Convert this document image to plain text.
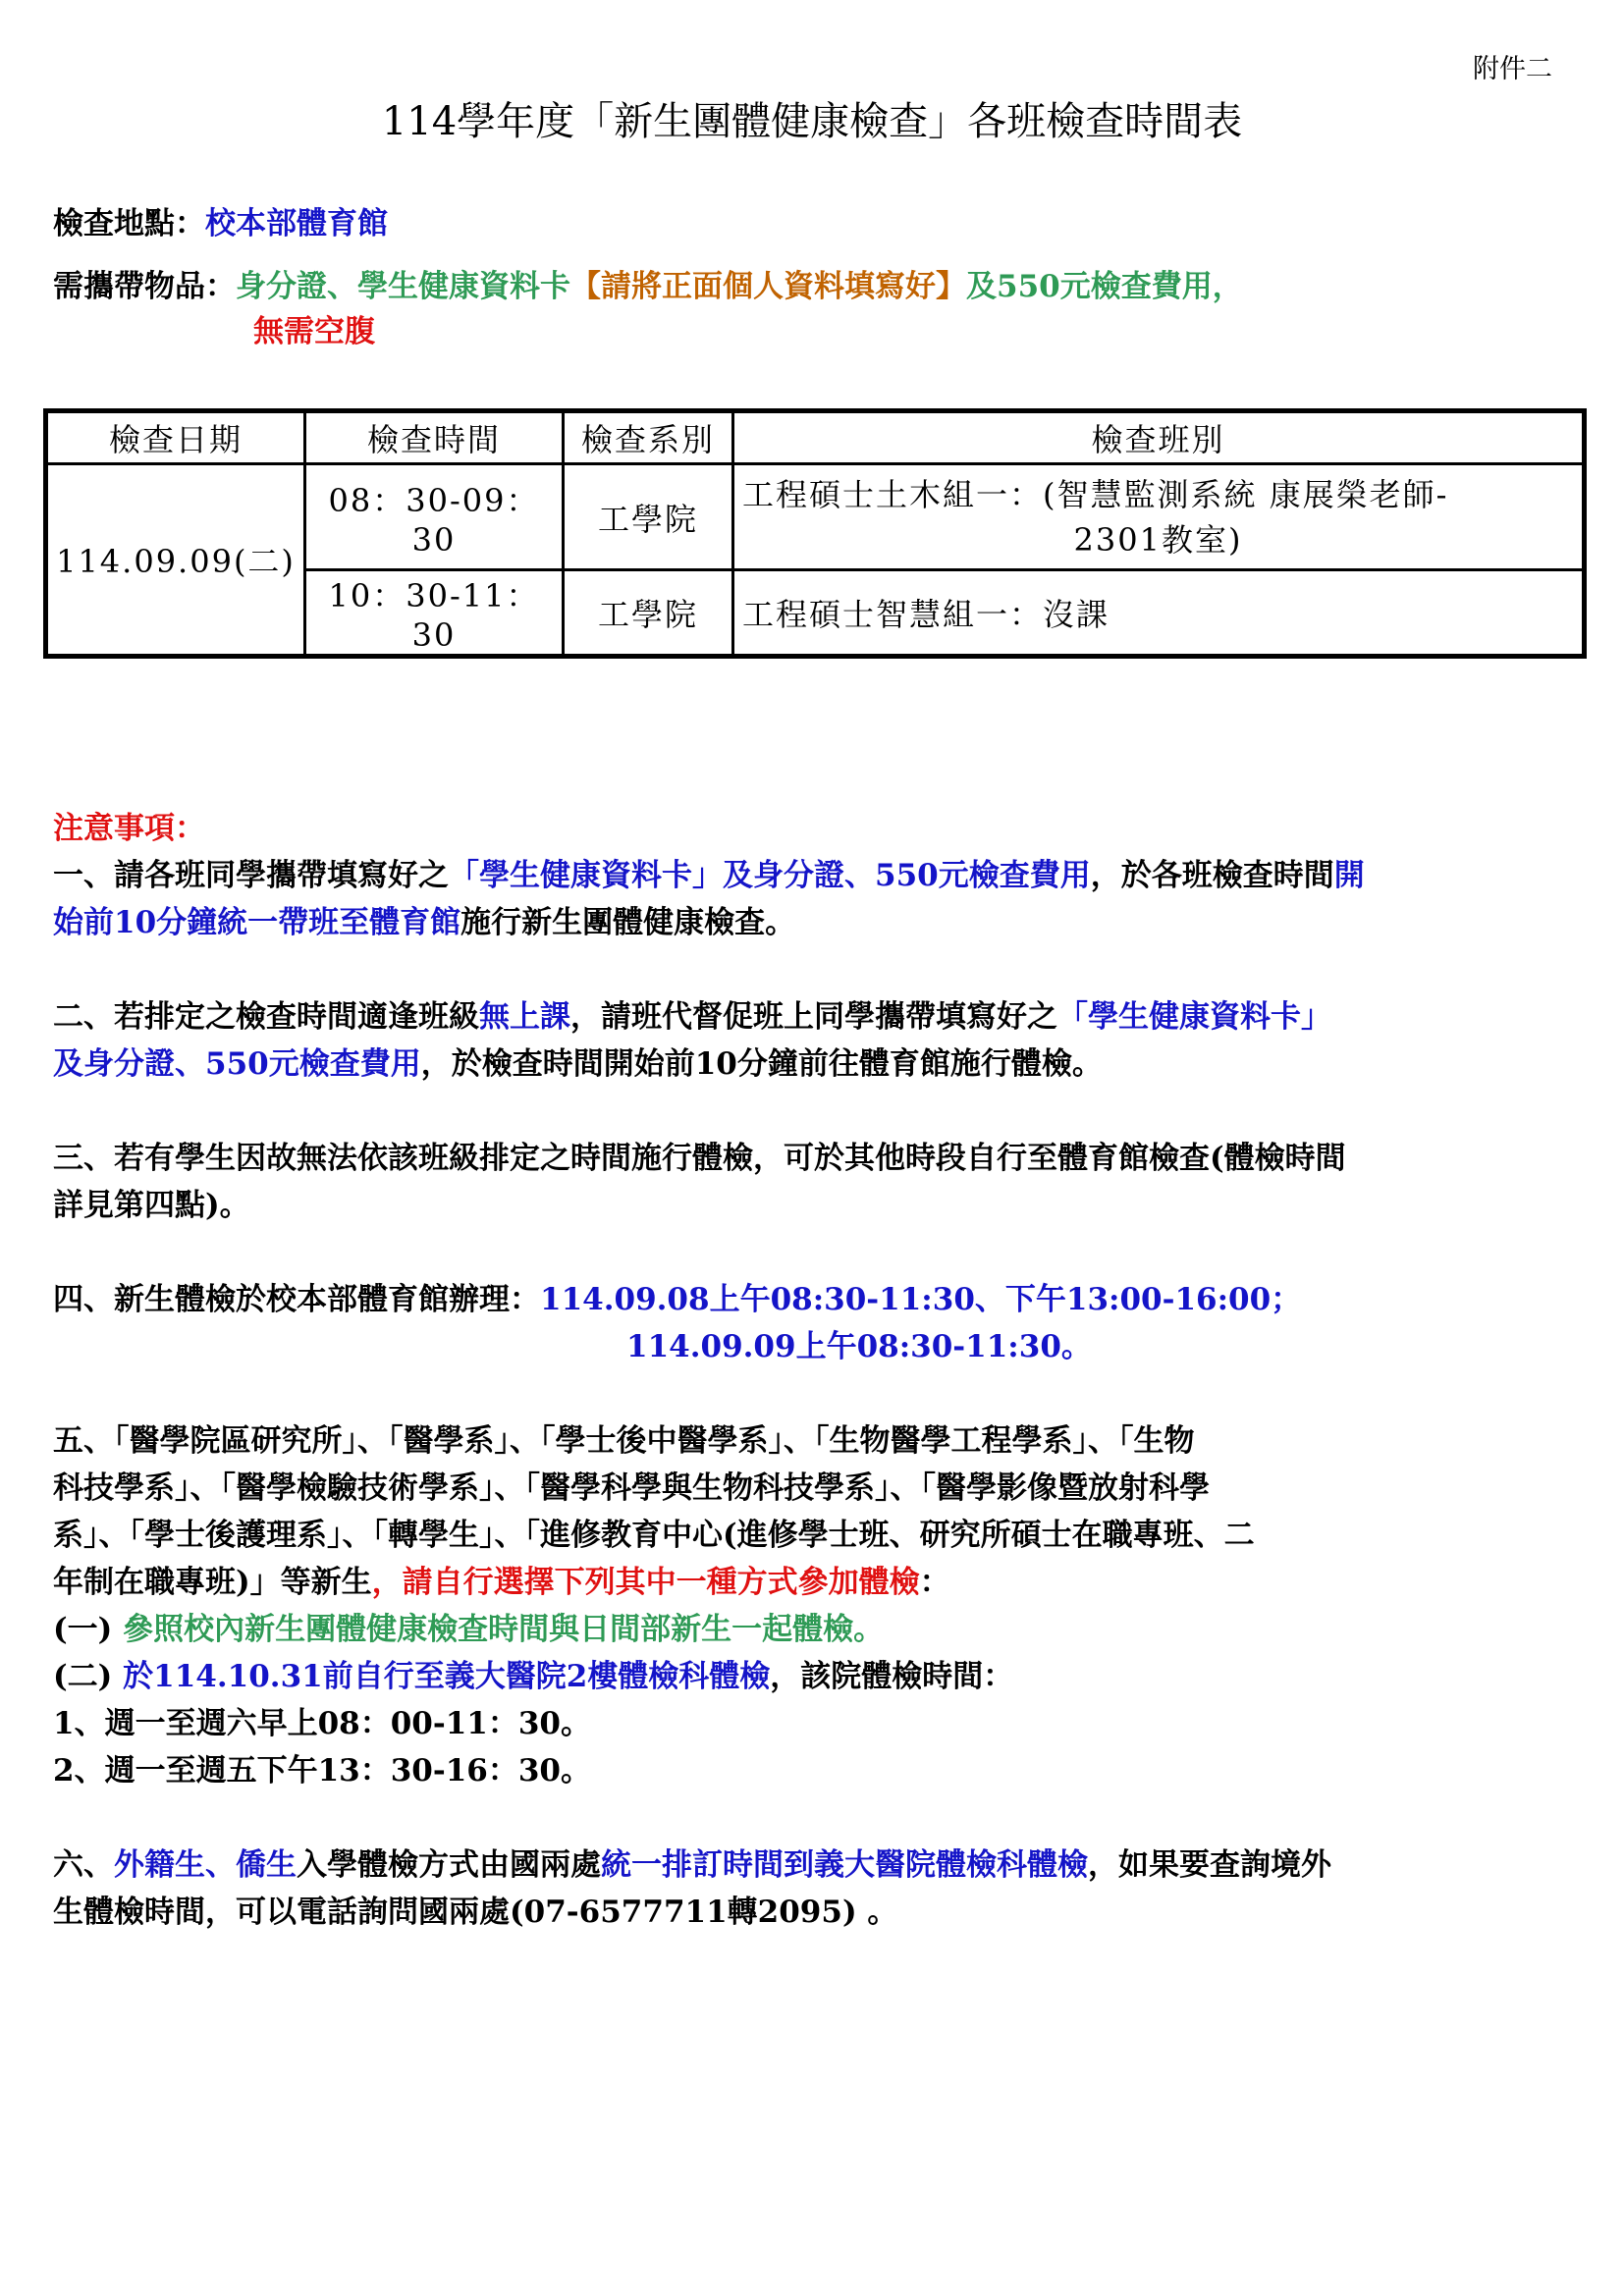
附件二
114學年度「新生團體健康檢查」各班檢查時間表
檢查地點：校本部體育館
需攜帶物品：身分證、學生健康資料卡【請將正面個人資料填寫好】及550元檢查費用，
無需空腹
檢查日期	檢查時間	檢查系別	檢查班別
114.09.09(二)	08：30-09：30	工學院	工程碩士土木組一：(智慧監測系統 康展榮老師-
2301教室)

	10：30-11：30	工學院	工程碩士智慧組一：沒課

注意事項：

一、請各班同學攜帶填寫好之「學生健康資料卡」及身分證、550元檢查費用，於各班檢查時間開

始前10分鐘統一帶班至體育館施行新生團體健康檢查。

二、若排定之檢查時間適逢班級無上課，請班代督促班上同學攜帶填寫好之「學生健康資料卡」

及身分證、550元檢查費用，於檢查時間開始前10分鐘前往體育館施行體檢。

三、若有學生因故無法依該班級排定之時間施行體檢，可於其他時段自行至體育館檢查(體檢時間

詳見第四點)。

四、新生體檢於校本部體育館辦理：114.09.08上午08:30-11:30、下午13:00-16:00；

114.09.09上午08:30-11:30。

五、「醫學院區研究所」、「醫學系」、「學士後中醫學系」、「生物醫學工程學系」、「生物

科技學系」、「醫學檢驗技術學系」、「醫學科學與生物科技學系」、「醫學影像暨放射科學

系」、「學士後護理系」、「轉學生」、「進修教育中心(進修學士班、研究所碩士在職專班、二

年制在職專班)」等新生，請自行選擇下列其中一種方式參加體檢：

(一) 參照校內新生團體健康檢查時間與日間部新生一起體檢。

(二) 於114.10.31前自行至義大醫院2樓體檢科體檢，該院體檢時間：

1、週一至週六早上08：00-11：30。

2、週一至週五下午13：30-16：30。

六、外籍生、僑生入學體檢方式由國兩處統一排訂時間到義大醫院體檢科體檢，如果要查詢境外

生體檢時間，可以電話詢問國兩處(07-6577711轉2095) 。
